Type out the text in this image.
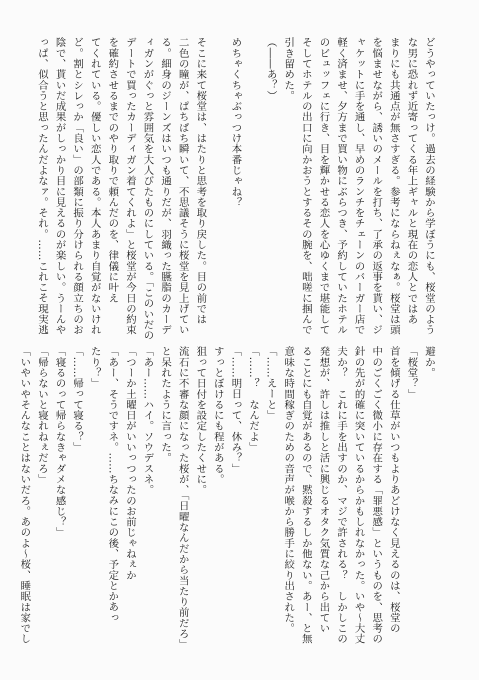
どうやっていたっけ。過去の経験から学ぼうにも、桜堂のよう
な男に恐れず近寄ってくる年上ギャルと現在の恋人とではあ
まりにも共通点が無さすぎる。参考にならねぇなぁ。桜堂は頭
を悩ませながら、誘いのメールを打ち、了承の返事を貰い、ジ
ャケットに手を通し、早めのランチをチェーンのバーガー店で
軽く済ませ、夕方まで買い物にぶらつき、予約していたホテル
のビュッフェに行き、目を輝かせる恋人を心ゆくまで堪能して
そしてホテルの出口に向かおうとするその腕を、咄嗟に掴んで
引き留めた。
（――あ？）
めちゃくちゃぶっつけ本番じゃね？
そこに来て桜堂は、はたりと思考を取り戻した。目の前では
二色の瞳が、ぱちぱち瞬いて、不思議そうに桜堂を見上げてい
る。細身のジーンズはいつも通りだが、羽織った臙脂のカーデ
ィガンがぐっと雰囲気を大人びたものにしている。「このいだの
デートで買ったカーディガン着てくれよ」と桜堂が今日の約束
を確約させるまでのやり取りで頼んだのを、律儀に叶え
てくれている。優しい恋人である。本人あまり自覚がないけれ
ど。割とシレっか「良い」の部類に振り分けられる顔立ちのお
陰で、貰いだ成果がしっかり目に見えるのが楽しい。うーんや
っぱ、似合うと思ったんだよなァ。それ。……これこそ現実逃
避か。
「桜堂？」
首を傾げる仕草がいつもよりあどけなく見えるのは、桜堂の
中のごくごく微小に存在する「罪悪感」というものを、思考の
針の先が的確に突いているからかもしれなかった。いや～大丈
夫か？　これに手を出すのか、マジで許される？　しかしこの
発想が、許しは推しと活に興じるオタク気質な己から出てい
ることにも自覚があるので、黙殺するしか他ない。あー、と無
意味な時間稼ぎのための音声が喉から勝手に絞り出された。
「……えーと」
「……？　なんだよ」
「……明日って、休み？」
すっとぼけるにも程がある。
狙って日付を設定したくせに。
流石に不審な顔になった桜が、「日曜なんだから当たり前だろ」
と呆れたように言った。
「あー……ハイ。ソウデスネ。
「つーか土曜日がいいっつったのお前じゃねぇか
「あー、そうですネ。……ちなみにこの後、予定とかあっ
たり？」
「……帰って寝る？」
「寝るのって帰らなきゃダメな感じ？」
「帰らないと寝れねぇだろ」
「いやいやそんなことはないだろ。あのよ～桜、睡眠は家でし
